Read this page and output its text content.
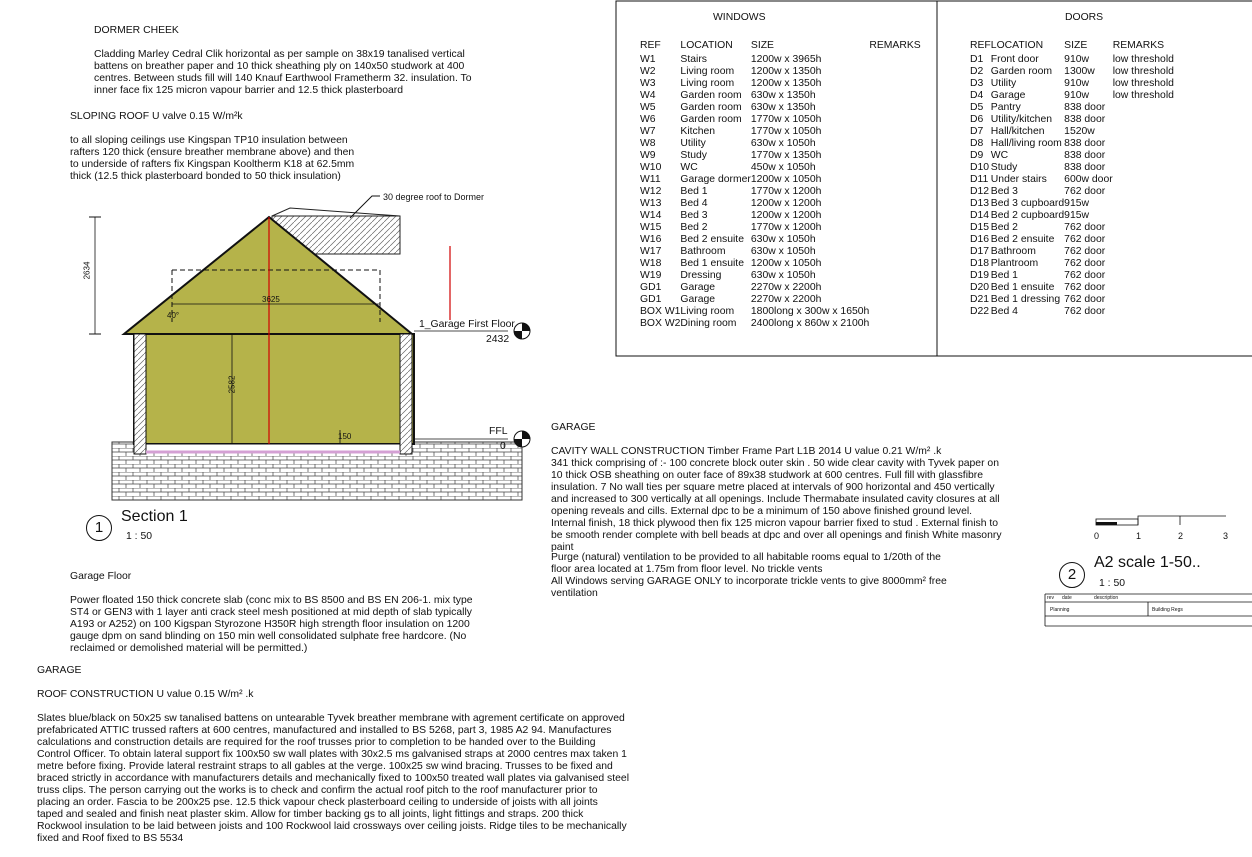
DORMER CHEEK

Cladding Marley Cedral Clik horizontal as per sample on 38x19 tanalised vertical
battens on breather paper and 10 thick sheathing ply on 140x50 studwork at 400
centres. Between studs fill will 140 Knauf Earthwool Frametherm 32. insulation. To
inner face fix 125 micron vapour barrier and 12.5 thick plasterboard

SLOPING ROOF U valve 0.15 W/m²k

to all sloping ceilings use Kingspan TP10 insulation between
rafters 120 thick (ensure breather membrane above) and then
to underside of rafters fix Kingspan Kooltherm K18 at 62.5mm
thick (12.5 thick plasterboard bonded to 50 thick insulation)

30 degree roof to Dormer
2634
3625
2582
150
40°
1_Garage First Floor
2432
FFL
0
1
Section 1
1 : 50
WINDOWS
REF	LOCATION	SIZE	REMARKS
W1	Stairs	1200w x 3965h	
W2	Living room	1200w x 1350h	
W3	Living room	1200w x 1350h	
W4	Garden room	630w x 1350h	
W5	Garden room	630w x 1350h	
W6	Garden room	1770w x 1050h	
W7	Kitchen	1770w x 1050h	
W8	Utility	630w x 1050h	
W9	Study	1770w x 1350h	
W10	WC	450w x 1050h	
W11	Garage dormer	1200w x 1050h	
W12	Bed 1	1770w x 1200h	
W13	Bed 4	1200w x 1200h	
W14	Bed 3	1200w x 1200h	
W15	Bed 2	1770w x 1200h	
W16	Bed 2 ensuite	630w x 1050h	
W17	Bathroom	630w x 1050h	
W18	Bed 1 ensuite	1200w x 1050h	
W19	Dressing	630w x 1050h	
GD1	Garage	2270w x 2200h	
GD1	Garage	2270w x 2200h	
BOX W1	Living room	1800long x 300w x 1650h	
BOX W2	Dining room	2400long x 860w x 2100h	
DOORS
REF	LOCATION	SIZE	REMARKS
D1	Front door	910w	low threshold
D2	Garden room	1300w	low threshold
D3	Utility	910w	low threshold
D4	Garage	910w	low threshold
D5	Pantry	838 door	
D6	Utility/kitchen	838 door	
D7	Hall/kitchen	1520w	
D8	Hall/living room	838 door	
D9	WC	838 door	
D10	Study	838 door	
D11	Under stairs	600w door	
D12	Bed 3	762 door	
D13	Bed 3 cupboard	915w	
D14	Bed 2 cupboard	915w	
D15	Bed 2	762 door	
D16	Bed 2 ensuite	762 door	
D17	Bathroom	762 door	
D18	Plantroom	762 door	
D19	Bed 1	762 door	
D20	Bed 1 ensuite	762 door	
D21	Bed 1 dressing	762 door	
D22	Bed 4	762 door	

GARAGE

CAVITY WALL CONSTRUCTION Timber Frame Part L1B 2014 U value 0.21 W/m² .k
341 thick comprising of :- 100 concrete block outer skin . 50 wide clear cavity with Tyvek paper on
10 thick OSB sheathing on outer face of 89x38 studwork at 600 centres. Full fill with glassfibre
insulation. 7 No wall ties per square metre placed at intervals of 900 horizontal and 450 vertically
and increased to 300 vertically at all openings. Include Thermabate insulated cavity closures at all
opening reveals and cills. External dpc to be a minimum of 150 above finished ground level.
Internal finish, 18 thick plywood then fix 125 micron vapour barrier fixed to stud . External finish to
be smooth render complete with bell beads at dpc and over all openings and finish White masonry
paint

Purge (natural) ventilation to be provided to all habitable rooms equal to 1/20th of the
floor area located at 1.75m from floor level. No trickle vents
All Windows serving GARAGE ONLY to incorporate trickle vents to give 8000mm² free
ventilation
0	1	2	3
2
A2 scale 1-50..
1 : 50
rev date	description
Planning	Building Regs

Garage Floor

Power floated 150 thick concrete slab (conc mix to BS 8500 and BS EN 206-1. mix type
ST4 or GEN3 with 1 layer anti crack steel mesh positioned at mid depth of slab typically
A193 or A252) on 100 Kigspan Styrozone H350R high strength floor insulation on 1200
gauge dpm on sand blinding on 150 min well consolidated sulphate free hardcore. (No
reclaimed or demolished material will be permitted.)

GARAGE

ROOF CONSTRUCTION U value 0.15 W/m² .k

Slates blue/black on 50x25 sw tanalised battens on untearable Tyvek breather membrane with agrement certificate on approved
prefabricated ATTIC trussed rafters at 600 centres, manufactured and installed to BS 5268, part 3, 1985 A2 94. Manufactures
calculations and construction details are required for the roof trusses prior to completion to be handed over to the Building
Control Officer. To obtain lateral support fix 100x50 sw wall plates with 30x2.5 ms galvanised straps at 2000 centres max taken 1
metre before fixing. Provide lateral restraint straps to all gables at the verge. 100x25 sw wind bracing. Trusses to be fixed and
braced strictly in accordance with manufacturers details and mechanically fixed to 100x50 treated wall plates via galvanised steel
truss clips. The person carrying out the works is to check and confirm the actual roof pitch to the roof manufacturer prior to
placing an order. Fascia to be 200x25 pse. 12.5 thick vapour check plasterboard ceiling to underside of joists with all joints
taped and sealed and finish neat plaster skim. Allow for timber backing gs to all joints, light fittings and straps. 200 thick
Rockwool insulation to be laid between joists and 100 Rockwool laid crossways over ceiling joists. Ridge tiles to be mechanically
fixed and Roof fixed to BS 5534
